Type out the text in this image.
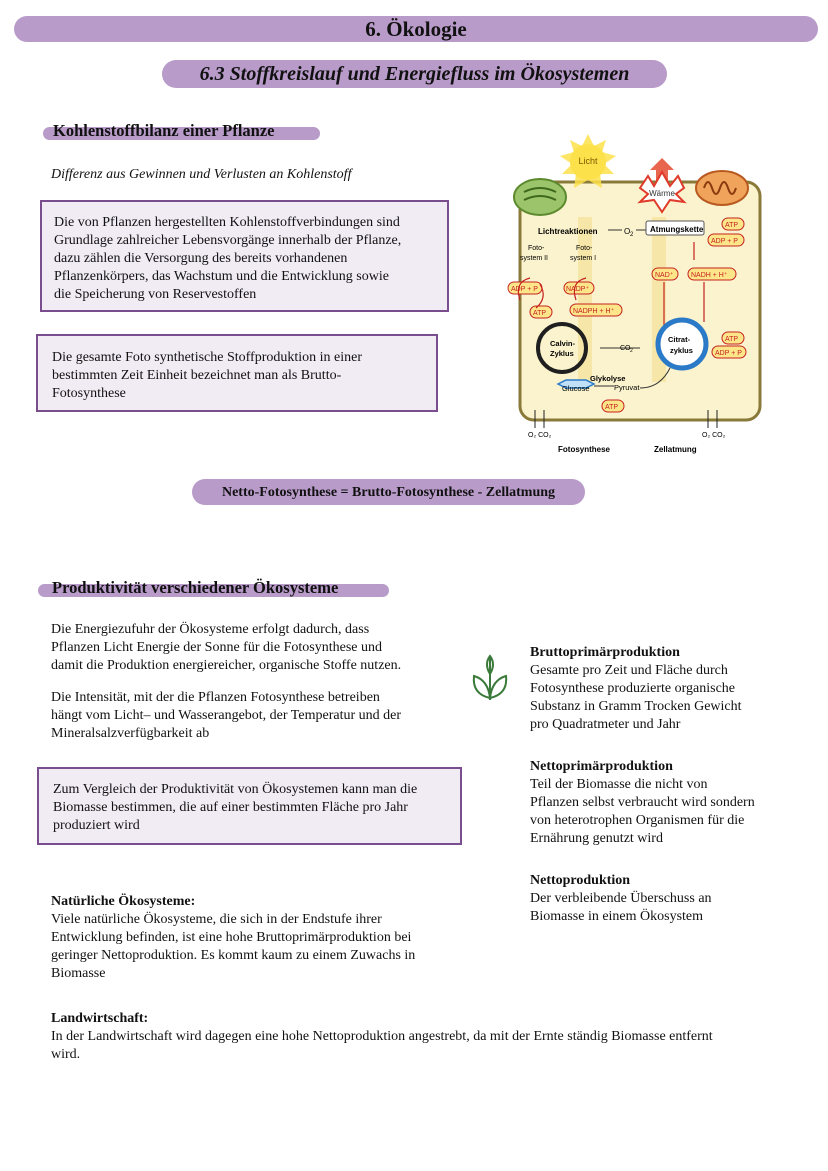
6. Ökologie
6.3 Stoffkreislauf und Energiefluss im Ökosystemen
Kohlenstoffbilanz einer Pflanze
Differenz aus Gewinnen und Verlusten an Kohlenstoff
Die von Pflanzen hergestellten Kohlenstoffverbindungen sind
Grundlage zahlreicher Lebensvorgänge innerhalb der Pflanze,
dazu zählen die Versorgung des bereits vorhandenen
Pflanzenkörpers, das Wachstum und die Entwicklung sowie
die Speicherung von Reservestoffen
Die gesamte Foto synthetische Stoffproduktion in einer
bestimmten Zeit Einheit bezeichnet man als Brutto-
Fotosynthese
Licht
Wärme
Lichtreaktionen	O 2
Atmungskette
Foto-
system II
Foto-
system I
ADP + P
ATP
NADP⁺
NADPH + H⁺
ATP
ADP + P
NAD⁺	NADH + H⁺
ATP
ADP + P
ATP
Calvin-
Zyklus
Citrat-
zyklus
CO 2
Glykolyse
Glucose	Pyruvat
O₂ CO₂	O₂ CO₂
Fotosynthese	Zellatmung
Netto-Fotosynthese = Brutto-Fotosynthese - Zellatmung
Produktivität verschiedener Ökosysteme
Die Energiezufuhr der Ökosysteme erfolgt dadurch, dass
Pflanzen Licht Energie der Sonne für die Fotosynthese und
damit die Produktion energiereicher, organische Stoffe nutzen.
Die Intensität, mit der die Pflanzen Fotosynthese betreiben
hängt vom Licht– und Wasserangebot, der Temperatur und der
Mineralsalzverfügbarkeit ab
Zum Vergleich der Produktivität von Ökosystemen kann man die
Biomasse bestimmen, die auf einer bestimmten Fläche pro Jahr
produziert wird
Bruttoprimärproduktion
Gesamte pro Zeit und Fläche durch
Fotosynthese produzierte organische
Substanz in Gramm Trocken Gewicht
pro Quadratmeter und Jahr
Nettoprimärproduktion
Teil der Biomasse die nicht von
Pflanzen selbst verbraucht wird sondern
von heterotrophen Organismen für die
Ernährung genutzt wird
Nettoproduktion
Der verbleibende Überschuss an
Biomasse in einem Ökosystem
Natürliche Ökosysteme:
Viele natürliche Ökosysteme, die sich in der Endstufe ihrer
Entwicklung befinden, ist eine hohe Bruttoprimärproduktion bei
geringer Nettoproduktion. Es kommt kaum zu einem Zuwachs in
Biomasse
Landwirtschaft:
In der Landwirtschaft wird dagegen eine hohe Nettoproduktion angestrebt, da mit der Ernte ständig Biomasse entfernt
wird.
